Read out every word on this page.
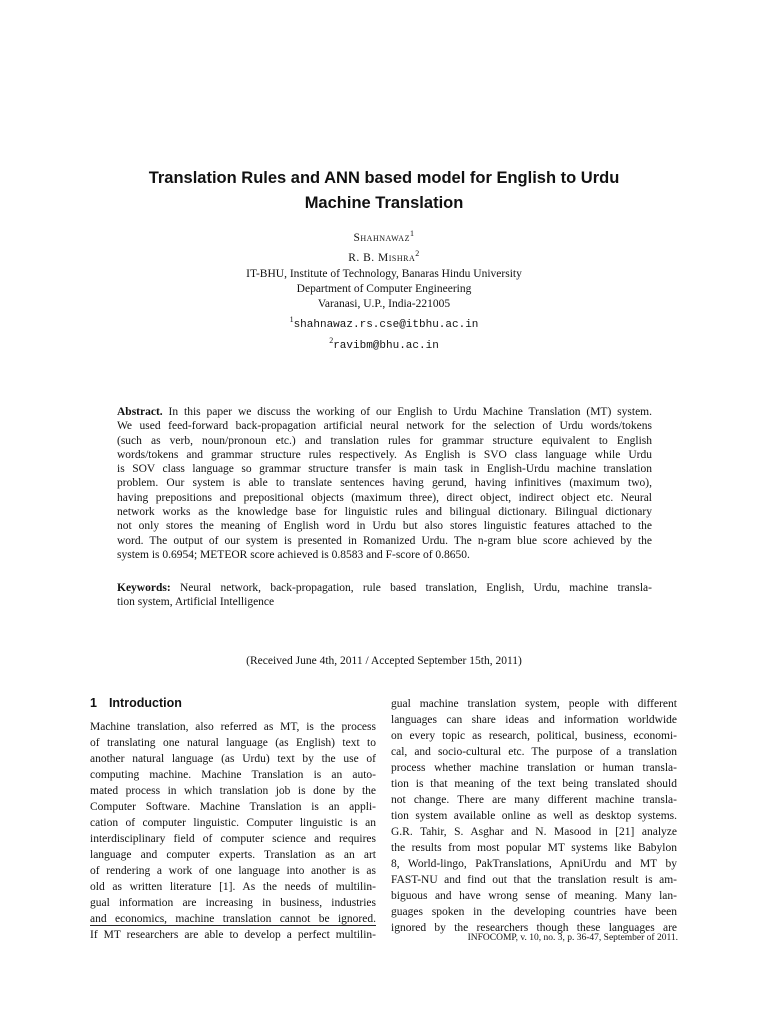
Translation Rules and ANN based model for English to Urdu
Machine Translation
Shahnawaz$^1$
R. B. Mishra$^2$
IT-BHU, Institute of Technology, Banaras Hindu University
Department of Computer Engineering
Varanasi, U.P., India-221005
$^1$shahnawaz.rs.cse@itbhu.ac.in
$^2$ravibm@bhu.ac.in
Abstract. In this paper we discuss the working of our English to Urdu Machine Translation (MT) system.
We used feed-forward back-propagation artificial neural network for the selection of Urdu words/tokens
(such as verb, noun/pronoun etc.) and translation rules for grammar structure equivalent to English
words/tokens and grammar structure rules respectively. As English is SVO class language while Urdu
is SOV class language so grammar structure transfer is main task in English-Urdu machine translation
problem. Our system is able to translate sentences having gerund, having infinitives (maximum two),
having prepositions and prepositional objects (maximum three), direct object, indirect object etc. Neural
network works as the knowledge base for linguistic rules and bilingual dictionary. Bilingual dictionary
not only stores the meaning of English word in Urdu but also stores linguistic features attached to the
word. The output of our system is presented in Romanized Urdu. The n-gram blue score achieved by the
system is 0.6954; METEOR score achieved is 0.8583 and F-score of 0.8650.
Keywords: Neural network, back-propagation, rule based translation, English, Urdu, machine transla-
tion system, Artificial Intelligence
(Received June 4th, 2011 / Accepted September 15th, 2011)
1 Introduction
Machine translation, also referred as MT, is the process
of translating one natural language (as English) text to
another natural language (as Urdu) text by the use of
computing machine. Machine Translation is an auto-
mated process in which translation job is done by the
Computer Software. Machine Translation is an appli-
cation of computer linguistic. Computer linguistic is an
interdisciplinary field of computer science and requires
language and computer experts. Translation as an art
of rendering a work of one language into another is as
old as written literature [1]. As the needs of multilin-
gual information are increasing in business, industries
and economics, machine translation cannot be ignored.
If MT researchers are able to develop a perfect multilin-
gual machine translation system, people with different
languages can share ideas and information worldwide
on every topic as research, political, business, economi-
cal, and socio-cultural etc. The purpose of a translation
process whether machine translation or human transla-
tion is that meaning of the text being translated should
not change. There are many different machine transla-
tion system available online as well as desktop systems.
G.R. Tahir, S. Asghar and N. Masood in [21] analyze
the results from most popular MT systems like Babylon
8, World-lingo, PakTranslations, ApniUrdu and MT by
FAST-NU and find out that the translation result is am-
biguous and have wrong sense of meaning. Many lan-
guages spoken in the developing countries have been
ignored by the researchers though these languages are
INFOCOMP, v. 10, no. 3, p. 36-47, September of 2011.
